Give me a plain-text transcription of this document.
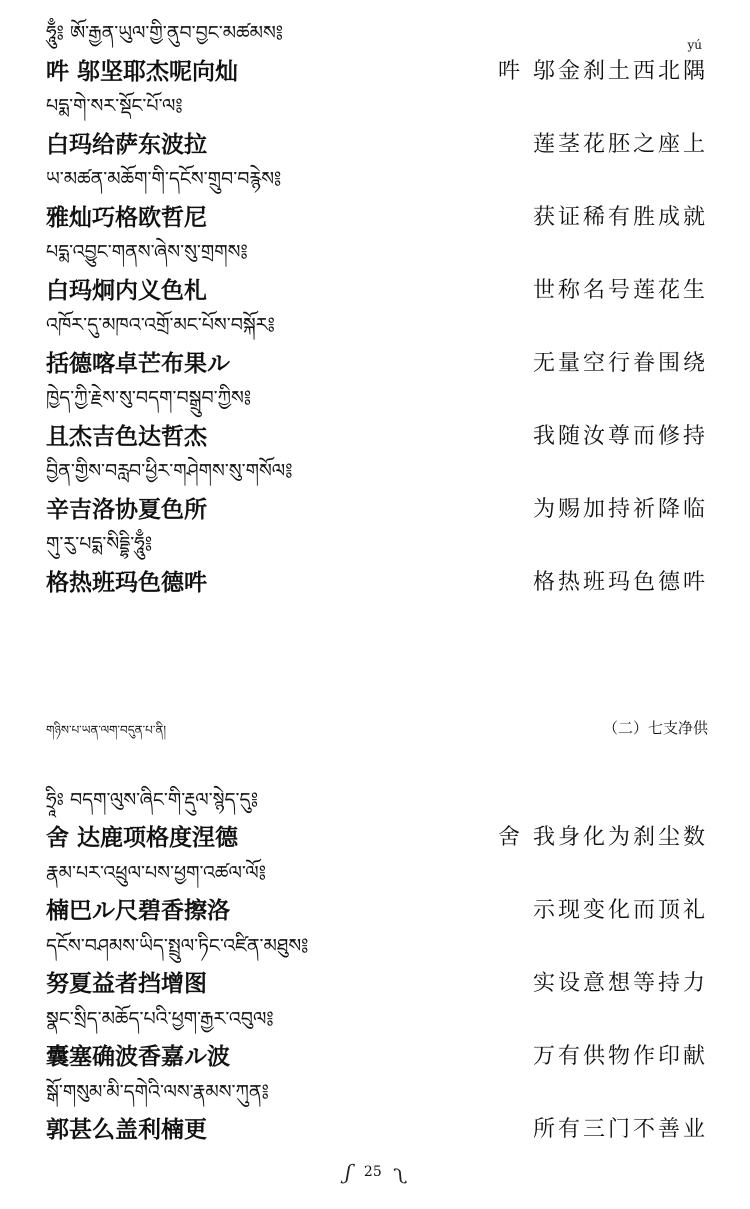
yú
ཧཱུྃ༔ ཨོ་རྒྱན་ཡུལ་གྱི་ནུབ་བྱང་མཚམས༔
吽 邬坚耶杰呢向灿	吽 邬金刹土西北隅
པདྨ་གེ་སར་སྡོང་པོ་ལ༔
白玛给萨东波拉	莲茎花胚之座上
ཡ་མཚན་མཆོག་གི་དངོས་གྲུབ་བརྙེས༔
雅灿巧格欧哲尼	获证稀有胜成就
པདྨ་འབྱུང་གནས་ཞེས་སུ་གྲགས༔
白玛炯内义色札	世称名号莲花生
འཁོར་དུ་མཁའ་འགྲོ་མང་པོས་བསྐོར༔
括德喀卓芒布果ル	无量空行眷围绕
ཁྱེད་ཀྱི་རྗེས་སུ་བདག་བསྒྲུབ་ཀྱིས༔
且杰吉色达哲杰	我随汝尊而修持
བྱིན་གྱིས་བརླབ་ཕྱིར་གཤེགས་སུ་གསོལ༔
辛吉洛协夏色所	为赐加持祈降临
གུ་རུ་པདྨ་སིདྡྷི་ཧཱུྃ༔
格热班玛色德吽	格热班玛色德吽
གཉིས་པ་ཡན་ལག་བདུན་པ་ནི།	（二）七支净供
ཧྲཱིཿ བདག་ལུས་ཞིང་གི་རྡུལ་སྙེད་དུ༔
舍 达鹿项格度涅德	舍 我身化为刹尘数
རྣམ་པར་འཕྲུལ་པས་ཕྱག་འཚལ་ལོ༔
楠巴ル尺碧香擦洛	示现变化而顶礼
དངོས་བཤམས་ཡིད་སྤྲུལ་ཏིང་འཛིན་མཐུས༔
努夏益者挡增图	实设意想等持力
སྣང་སྲིད་མཆོད་པའི་ཕྱག་རྒྱར་འབུལ༔
囊塞确波香嘉ル波	万有供物作印献
སྒོ་གསུམ་མི་དགེའི་ལས་རྣམས་ཀུན༔
郭甚么盖利楠更	所有三门不善业
ʃ 25 ʅ
